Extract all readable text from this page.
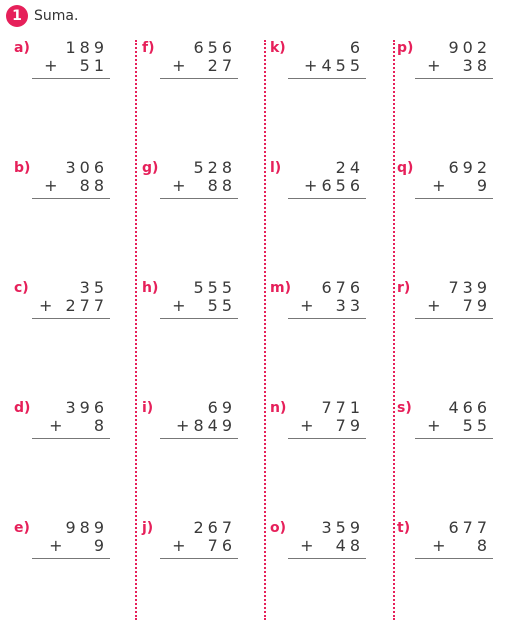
1 Suma.
a) 189
+  51
b) 306
+  88
c)	35
+ 277
d) 396
+   8
e) 989
+   9
f) 656
+  27
g) 528
+  88
h) 555
+  55
i)	69
+849
j)	267
+  76
k)	6
+455
l)	24
+656
m) 676
+  33
n) 771
+  79
o) 359
+  48
p) 902
+  38
q) 692
+   9
r) 739
+  79
s) 466
+  55
t) 677
+   8
